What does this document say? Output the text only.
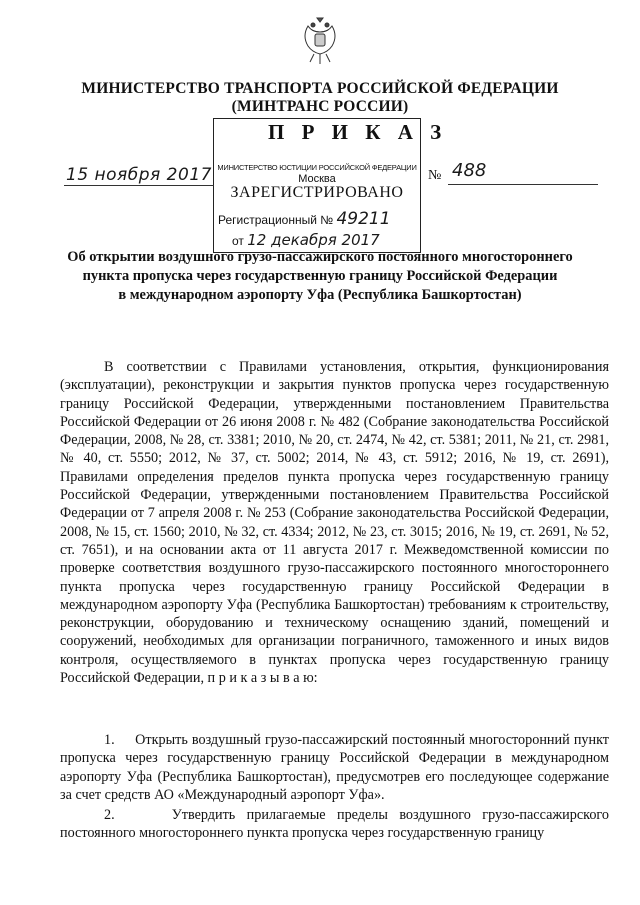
МИНИСТЕРСТВО ТРАНСПОРТА РОССИЙСКОЙ ФЕДЕРАЦИИ
(МИНТРАНС РОССИИ)
МИНИСТЕРСТВО ЮСТИЦИИ РОССИЙСКОЙ ФЕДЕРАЦИИ
Москва
ЗАРЕГИСТРИРОВАНО
Регистрационный № 49211
от 12 декабря 2017
П Р И К А З
15 ноября 2017	№ 488
Об открытии воздушного грузо-пассажирского постоянного многостороннего
пункта пропуска через государственную границу Российской Федерации
в международном аэропорту Уфа (Республика Башкортостан)

В соответствии с Правилами установления, открытия, функционирования (эксплуатации), реконструкции и закрытия пунктов пропуска через государственную границу Российской Федерации, утвержденными постановлением Правительства Российской Федерации от 26 июня 2008 г. № 482 (Собрание законодательства Российской Федерации, 2008, № 28, ст. 3381; 2010, № 20, ст. 2474, № 42, ст. 5381; 2011, № 21, ст. 2981, № 40, ст. 5550; 2012, № 37, ст. 5002; 2014, № 43, ст. 5912; 2016, № 19, ст. 2691), Правилами определения пределов пункта пропуска через государственную границу Российской Федерации, утвержденными постановлением Правительства Российской Федерации от 7 апреля 2008 г. № 253 (Собрание законодательства Российской Федерации, 2008, № 15, ст. 1560; 2010, № 32, ст. 4334; 2012, № 23, ст. 3015; 2016, № 19, ст. 2691, № 52, ст. 7651), и на основании акта от 11 августа 2017 г. Межведомственной комиссии по проверке соответствия воздушного грузо-пассажирского постоянного многостороннего пункта пропуска через государственную границу Российской Федерации в международном аэропорту Уфа (Республика Башкортостан) требованиям к строительству, реконструкции, оборудованию и техническому оснащению зданий, помещений и сооружений, необходимых для организации пограничного, таможенного и иных видов контроля, осуществляемого в пунктах пропуска через государственную границу Российской Федерации, п р и к а з ы в а ю:

1.     Открыть воздушный грузо-пассажирский постоянный многосторонний пункт пропуска через государственную границу Российской Федерации в международном аэропорту Уфа (Республика Башкортостан), предусмотрев его последующее содержание за счет средств АО «Международный аэропорт Уфа».

2.     Утвердить прилагаемые пределы воздушного грузо-пассажирского постоянного многостороннего пункта пропуска через государственную границу
